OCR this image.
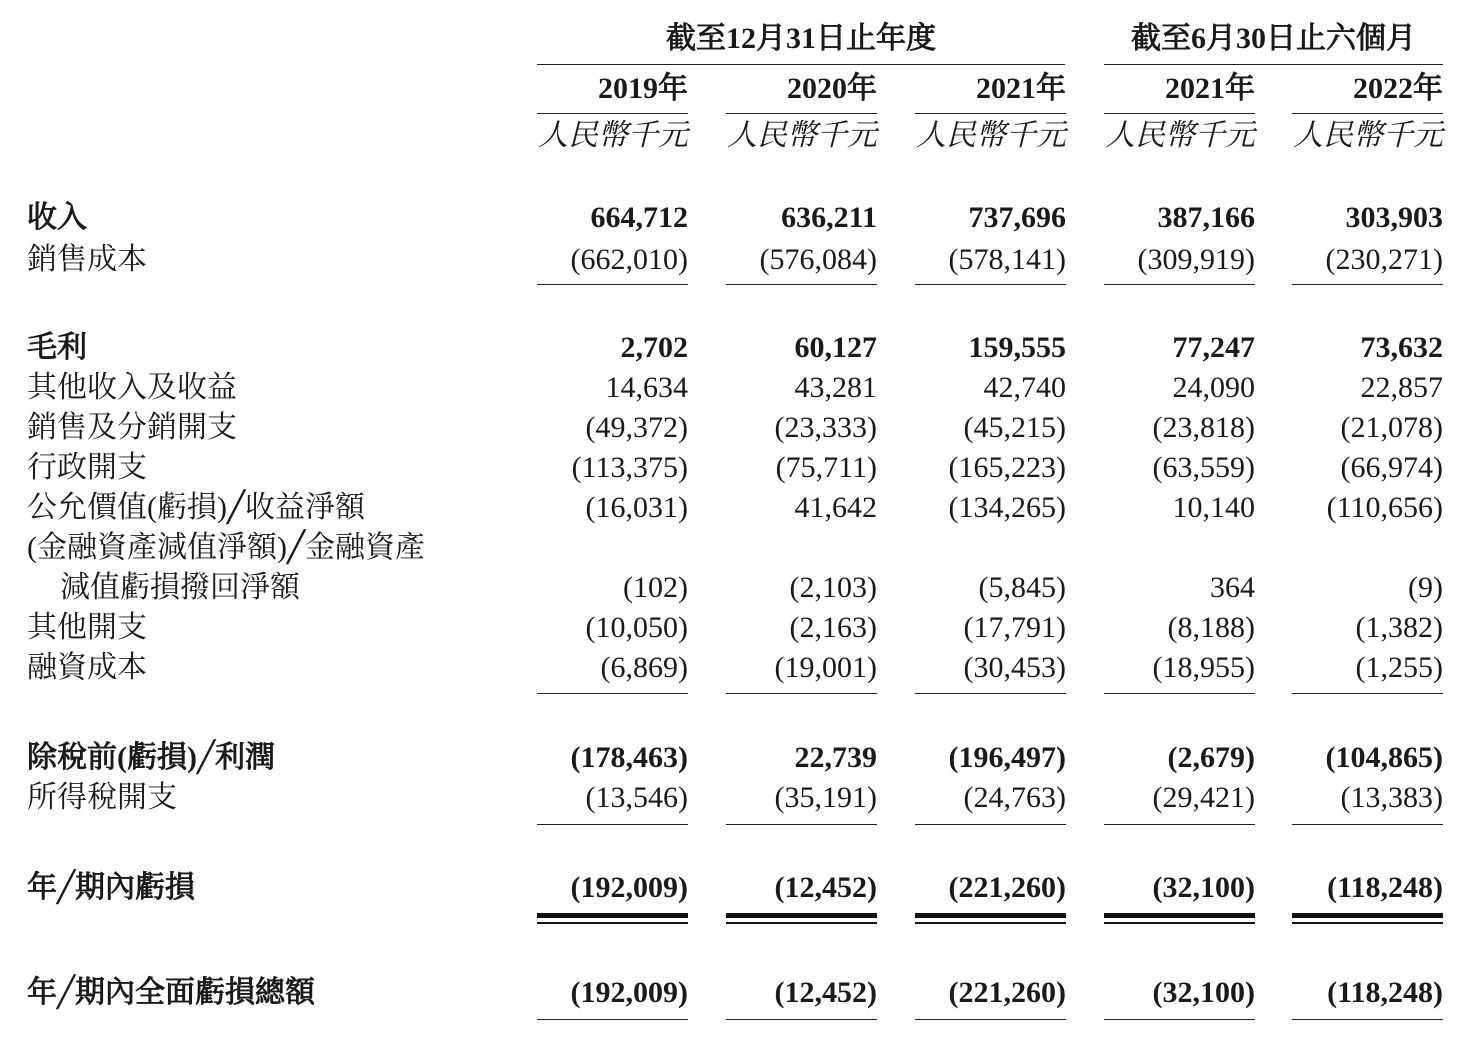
截至12月31日止年度	截至6月30日止六個月
2019年	2020年	2021年	2021年	2022年
人民幣千元 人民幣千元 人民幣千元 人民幣千元 人民幣千元
收入	664,712	636,211	737,696	387,166	303,903
銷售成本	(662,010)	(576,084)	(578,141)	(309,919)	(230,271)
毛利	2,702	60,127	159,555	77,247	73,632
其他收入及收益	14,634	43,281	42,740	24,090	22,857
銷售及分銷開支	(49,372)	(23,333)	(45,215)	(23,818)	(21,078)
行政開支	(113,375)	(75,711)	(165,223)	(63,559)	(66,974)
公允價值(虧損)╱收益淨額	(16,031)	41,642	(134,265)	10,140	(110,656)
(金融資產減值淨額)╱金融資產
減值虧損撥回淨額	(102)	(2,103)	(5,845)	364	(9)
其他開支	(10,050)	(2,163)	(17,791)	(8,188)	(1,382)
融資成本	(6,869)	(19,001)	(30,453)	(18,955)	(1,255)
除稅前(虧損)╱利潤	(178,463)	22,739	(196,497)	(2,679)	(104,865)
所得稅開支	(13,546)	(35,191)	(24,763)	(29,421)	(13,383)
年╱期內虧損	(192,009)	(12,452)	(221,260)	(32,100)	(118,248)
年╱期內全面虧損總額	(192,009)	(12,452)	(221,260)	(32,100)	(118,248)
